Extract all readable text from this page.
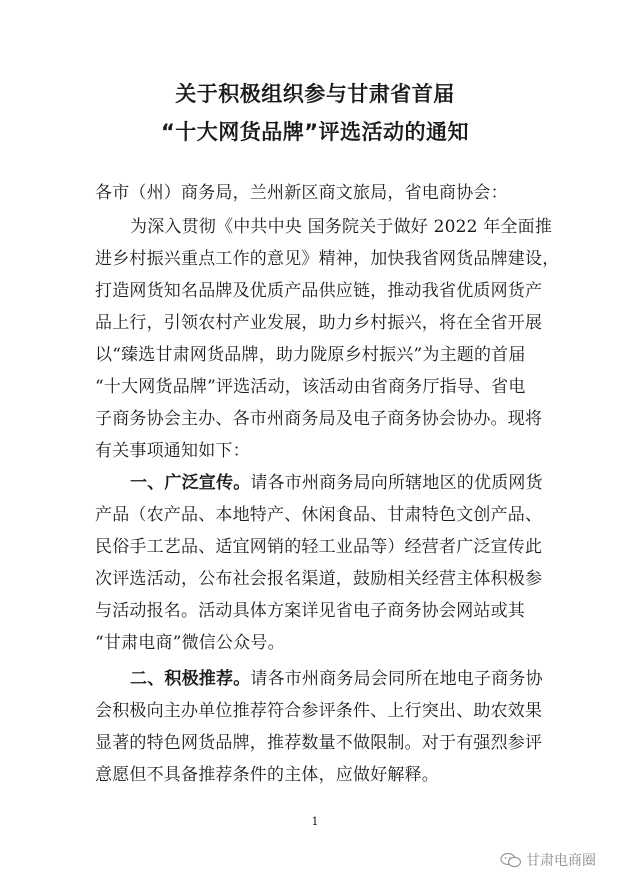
关于积极组织参与甘肃省首届
“十大网货品牌”评选活动的通知
各市（州）商务局，兰州新区商文旅局，省电商协会：
为深入贯彻《中共中央 国务院关于做好 2022 年全面推
进乡村振兴重点工作的意见》精神，加快我省网货品牌建设，
打造网货知名品牌及优质产品供应链，推动我省优质网货产
品上行，引领农村产业发展，助力乡村振兴，将在全省开展
以“臻选甘肃网货品牌，助力陇原乡村振兴”为主题的首届
“十大网货品牌”评选活动，该活动由省商务厅指导、省电
子商务协会主办、各市州商务局及电子商务协会协办。现将
有关事项通知如下：
一、广泛宣传。请各市州商务局向所辖地区的优质网货
产品（农产品、本地特产、休闲食品、甘肃特色文创产品、
民俗手工艺品、适宜网销的轻工业品等）经营者广泛宣传此
次评选活动，公布社会报名渠道，鼓励相关经营主体积极参
与活动报名。活动具体方案详见省电子商务协会网站或其
“甘肃电商”微信公众号。
二、积极推荐。请各市州商务局会同所在地电子商务协
会积极向主办单位推荐符合参评条件、上行突出、助农效果
显著的特色网货品牌，推荐数量不做限制。对于有强烈参评
意愿但不具备推荐条件的主体，应做好解释。
1
甘肃电商圈
